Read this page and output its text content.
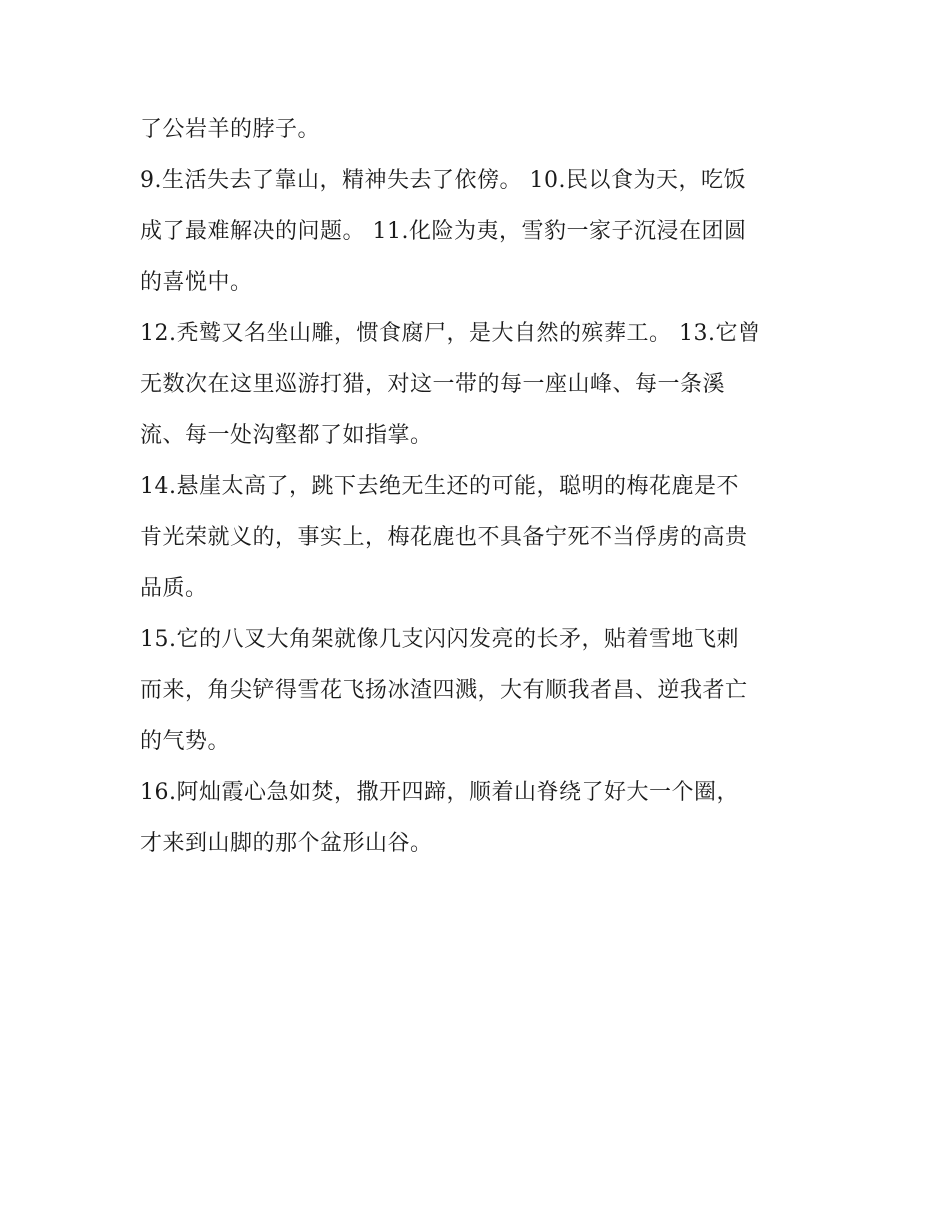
了公岩羊的脖子。
9.生活失去了靠山，精神失去了依傍。 10.民以食为天，吃饭
成了最难解决的问题。 11.化险为夷，雪豹一家子沉浸在团圆
的喜悦中。
12.秃鹫又名坐山雕，惯食腐尸，是大自然的殡葬工。 13.它曾
无数次在这里巡游打猎，对这一带的每一座山峰、每一条溪
流、每一处沟壑都了如指掌。
14.悬崖太高了，跳下去绝无生还的可能，聪明的梅花鹿是不
肯光荣就义的，事实上，梅花鹿也不具备宁死不当俘虏的高贵
品质。
15.它的八叉大角架就像几支闪闪发亮的长矛，贴着雪地飞刺
而来，角尖铲得雪花飞扬冰渣四溅，大有顺我者昌、逆我者亡
的气势。
16.阿灿霞心急如焚，撒开四蹄，顺着山脊绕了好大一个圈，
才来到山脚的那个盆形山谷。
